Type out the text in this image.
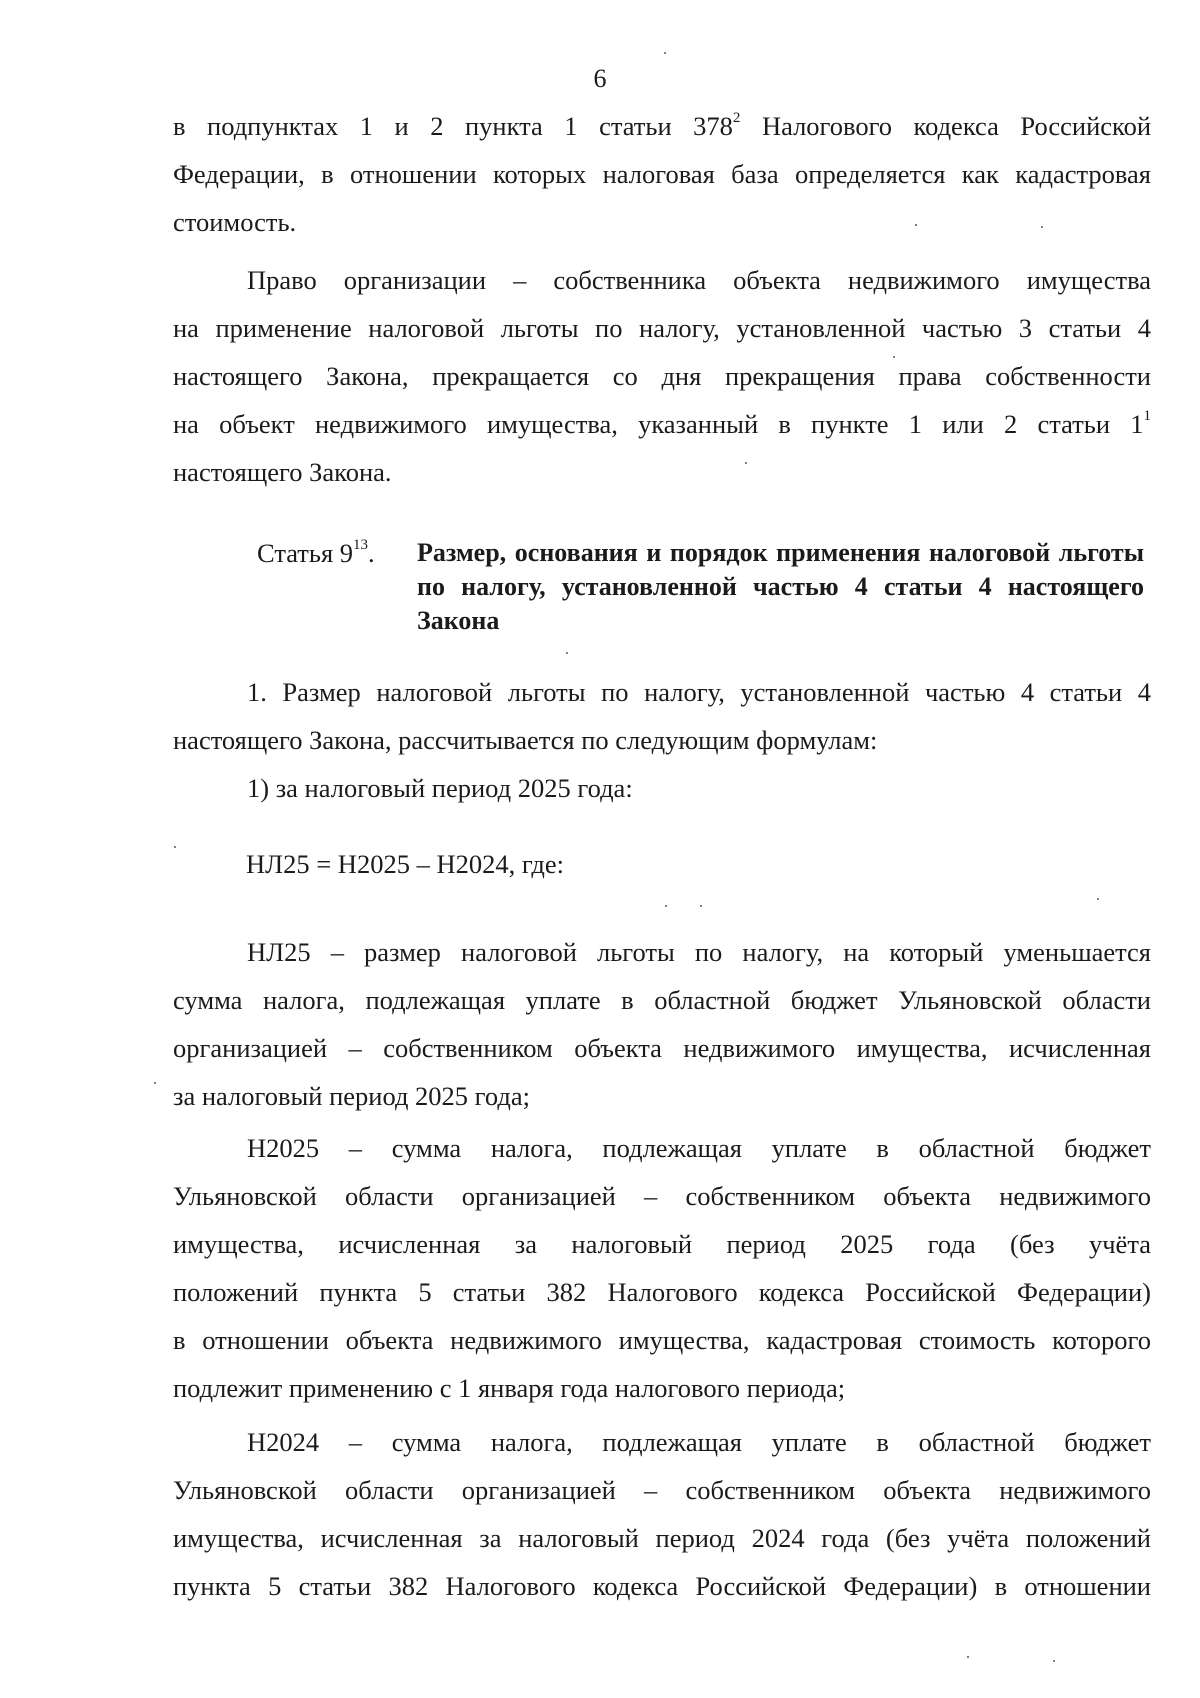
6
в подпунктах 1 и 2 пункта 1 статьи $378^2$ Налогового кодекса Российской
Федерации, в отношении которых налоговая база определяется как кадастровая
стоимость.
Право организации – собственника объекта недвижимого имущества
на применение налоговой льготы по налогу, установленной частью 3 статьи 4
настоящего Закона, прекращается со дня прекращения права собственности
на объект недвижимого имущества, указанный в пункте 1 или 2 статьи $1^1$
настоящего Закона.
Статья $9^{13}$. Размер, основания и порядок применения налоговой льготы по налогу, установленной частью 4 статьи 4 настоящего Закона
1. Размер налоговой льготы по налогу, установленной частью 4 статьи 4
настоящего Закона, рассчитывается по следующим формулам:
1) за налоговый период 2025 года:
НЛ25 = Н2025 – Н2024, где:
НЛ25 – размер налоговой льготы по налогу, на который уменьшается
сумма налога, подлежащая уплате в областной бюджет Ульяновской области
организацией – собственником объекта недвижимого имущества, исчисленная
за налоговый период 2025 года;
Н2025 – сумма налога, подлежащая уплате в областной бюджет
Ульяновской области организацией – собственником объекта недвижимого
имущества, исчисленная за налоговый период 2025 года (без учёта
положений пункта 5 статьи 382 Налогового кодекса Российской Федерации)
в отношении объекта недвижимого имущества, кадастровая стоимость которого
подлежит применению с 1 января года налогового периода;
Н2024 – сумма налога, подлежащая уплате в областной бюджет
Ульяновской области организацией – собственником объекта недвижимого
имущества, исчисленная за налоговый период 2024 года (без учёта положений
пункта 5 статьи 382 Налогового кодекса Российской Федерации) в отношении
